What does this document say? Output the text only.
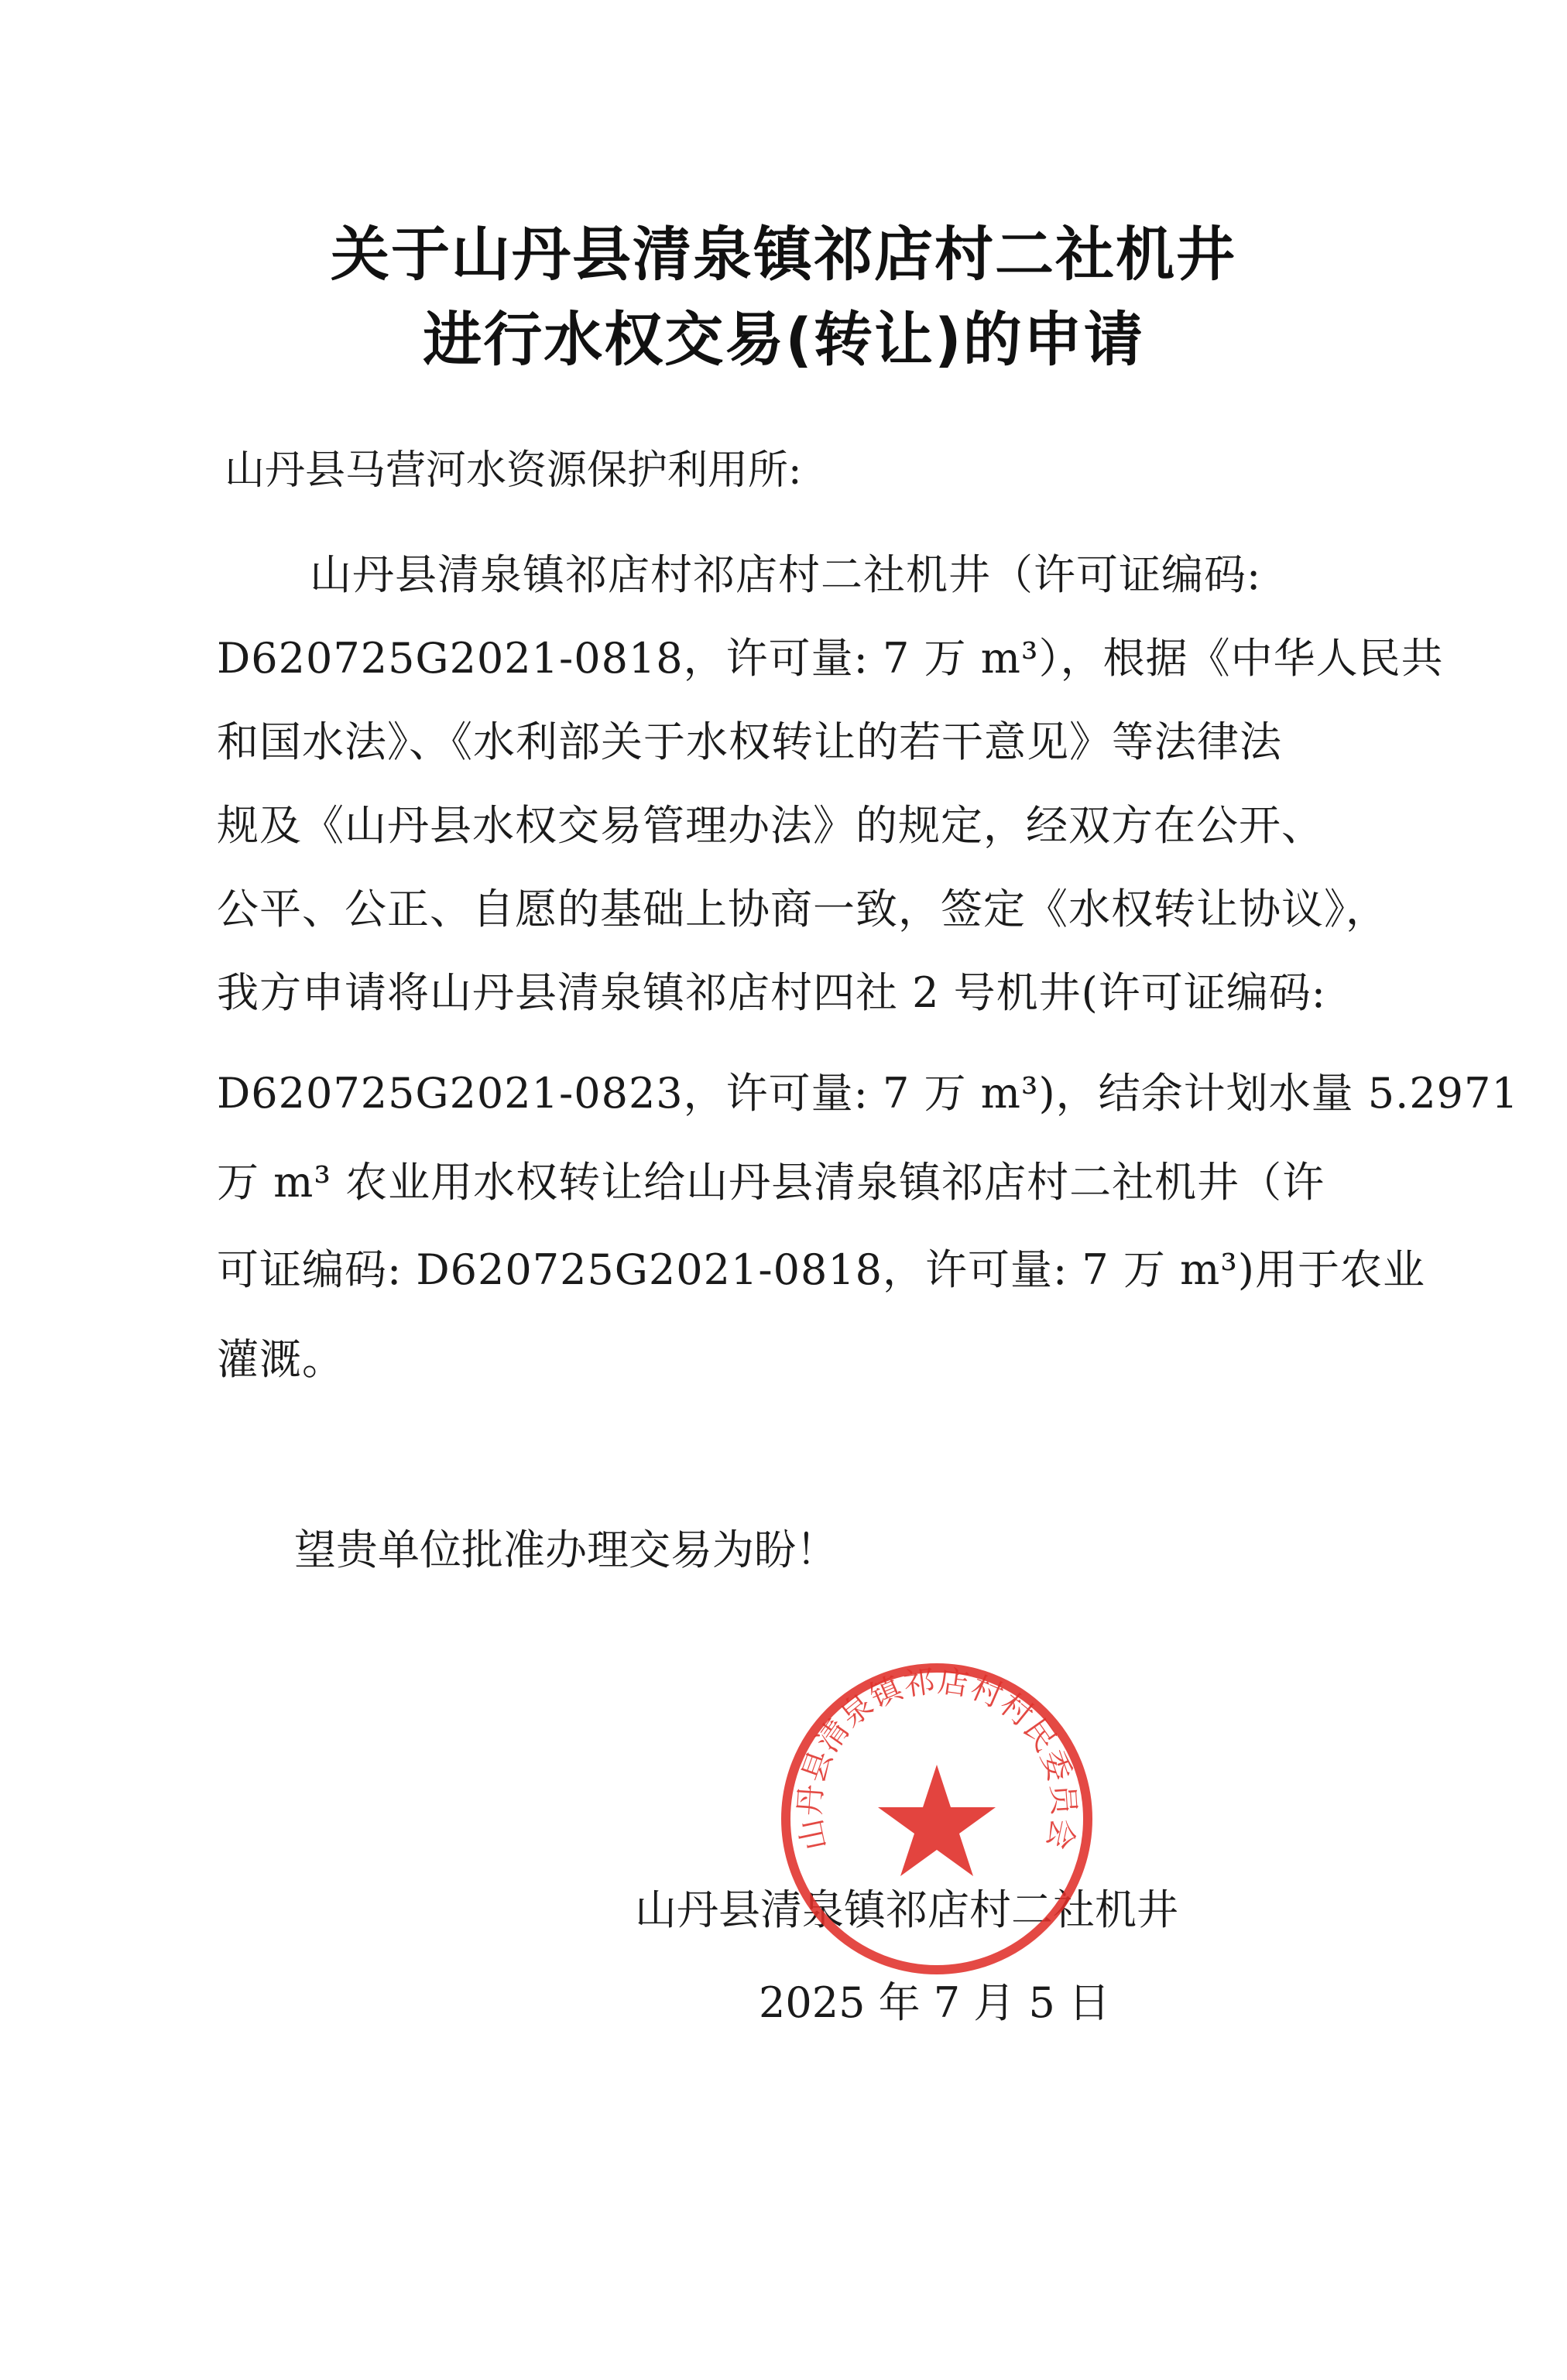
关于山丹县清泉镇祁店村二社机井
进行水权交易(转让)的申请
山丹县马营河水资源保护利用所:
山丹县清泉镇祁店村祁店村二社机井（许可证编码:
D620725G2021-0818，许可量: 7 万 m³），根据《中华人民共
和国水法》、《水利部关于水权转让的若干意见》等法律法
规及《山丹县水权交易管理办法》的规定，经双方在公开、
公平、公正、自愿的基础上协商一致，签定《水权转让协议》，
我方申请将山丹县清泉镇祁店村四社 2 号机井(许可证编码:
D620725G2021-0823，许可量: 7 万 m³)，结余计划水量 5.2971
万 m³ 农业用水权转让给山丹县清泉镇祁店村二社机井（许
可证编码: D620725G2021-0818，许可量: 7 万 m³)用于农业
灌溉。
望贵单位批准办理交易为盼！
山丹县清泉镇祁店村二社机井
2025 年 7 月 5 日
山丹县清泉镇祁店村村民委员会
